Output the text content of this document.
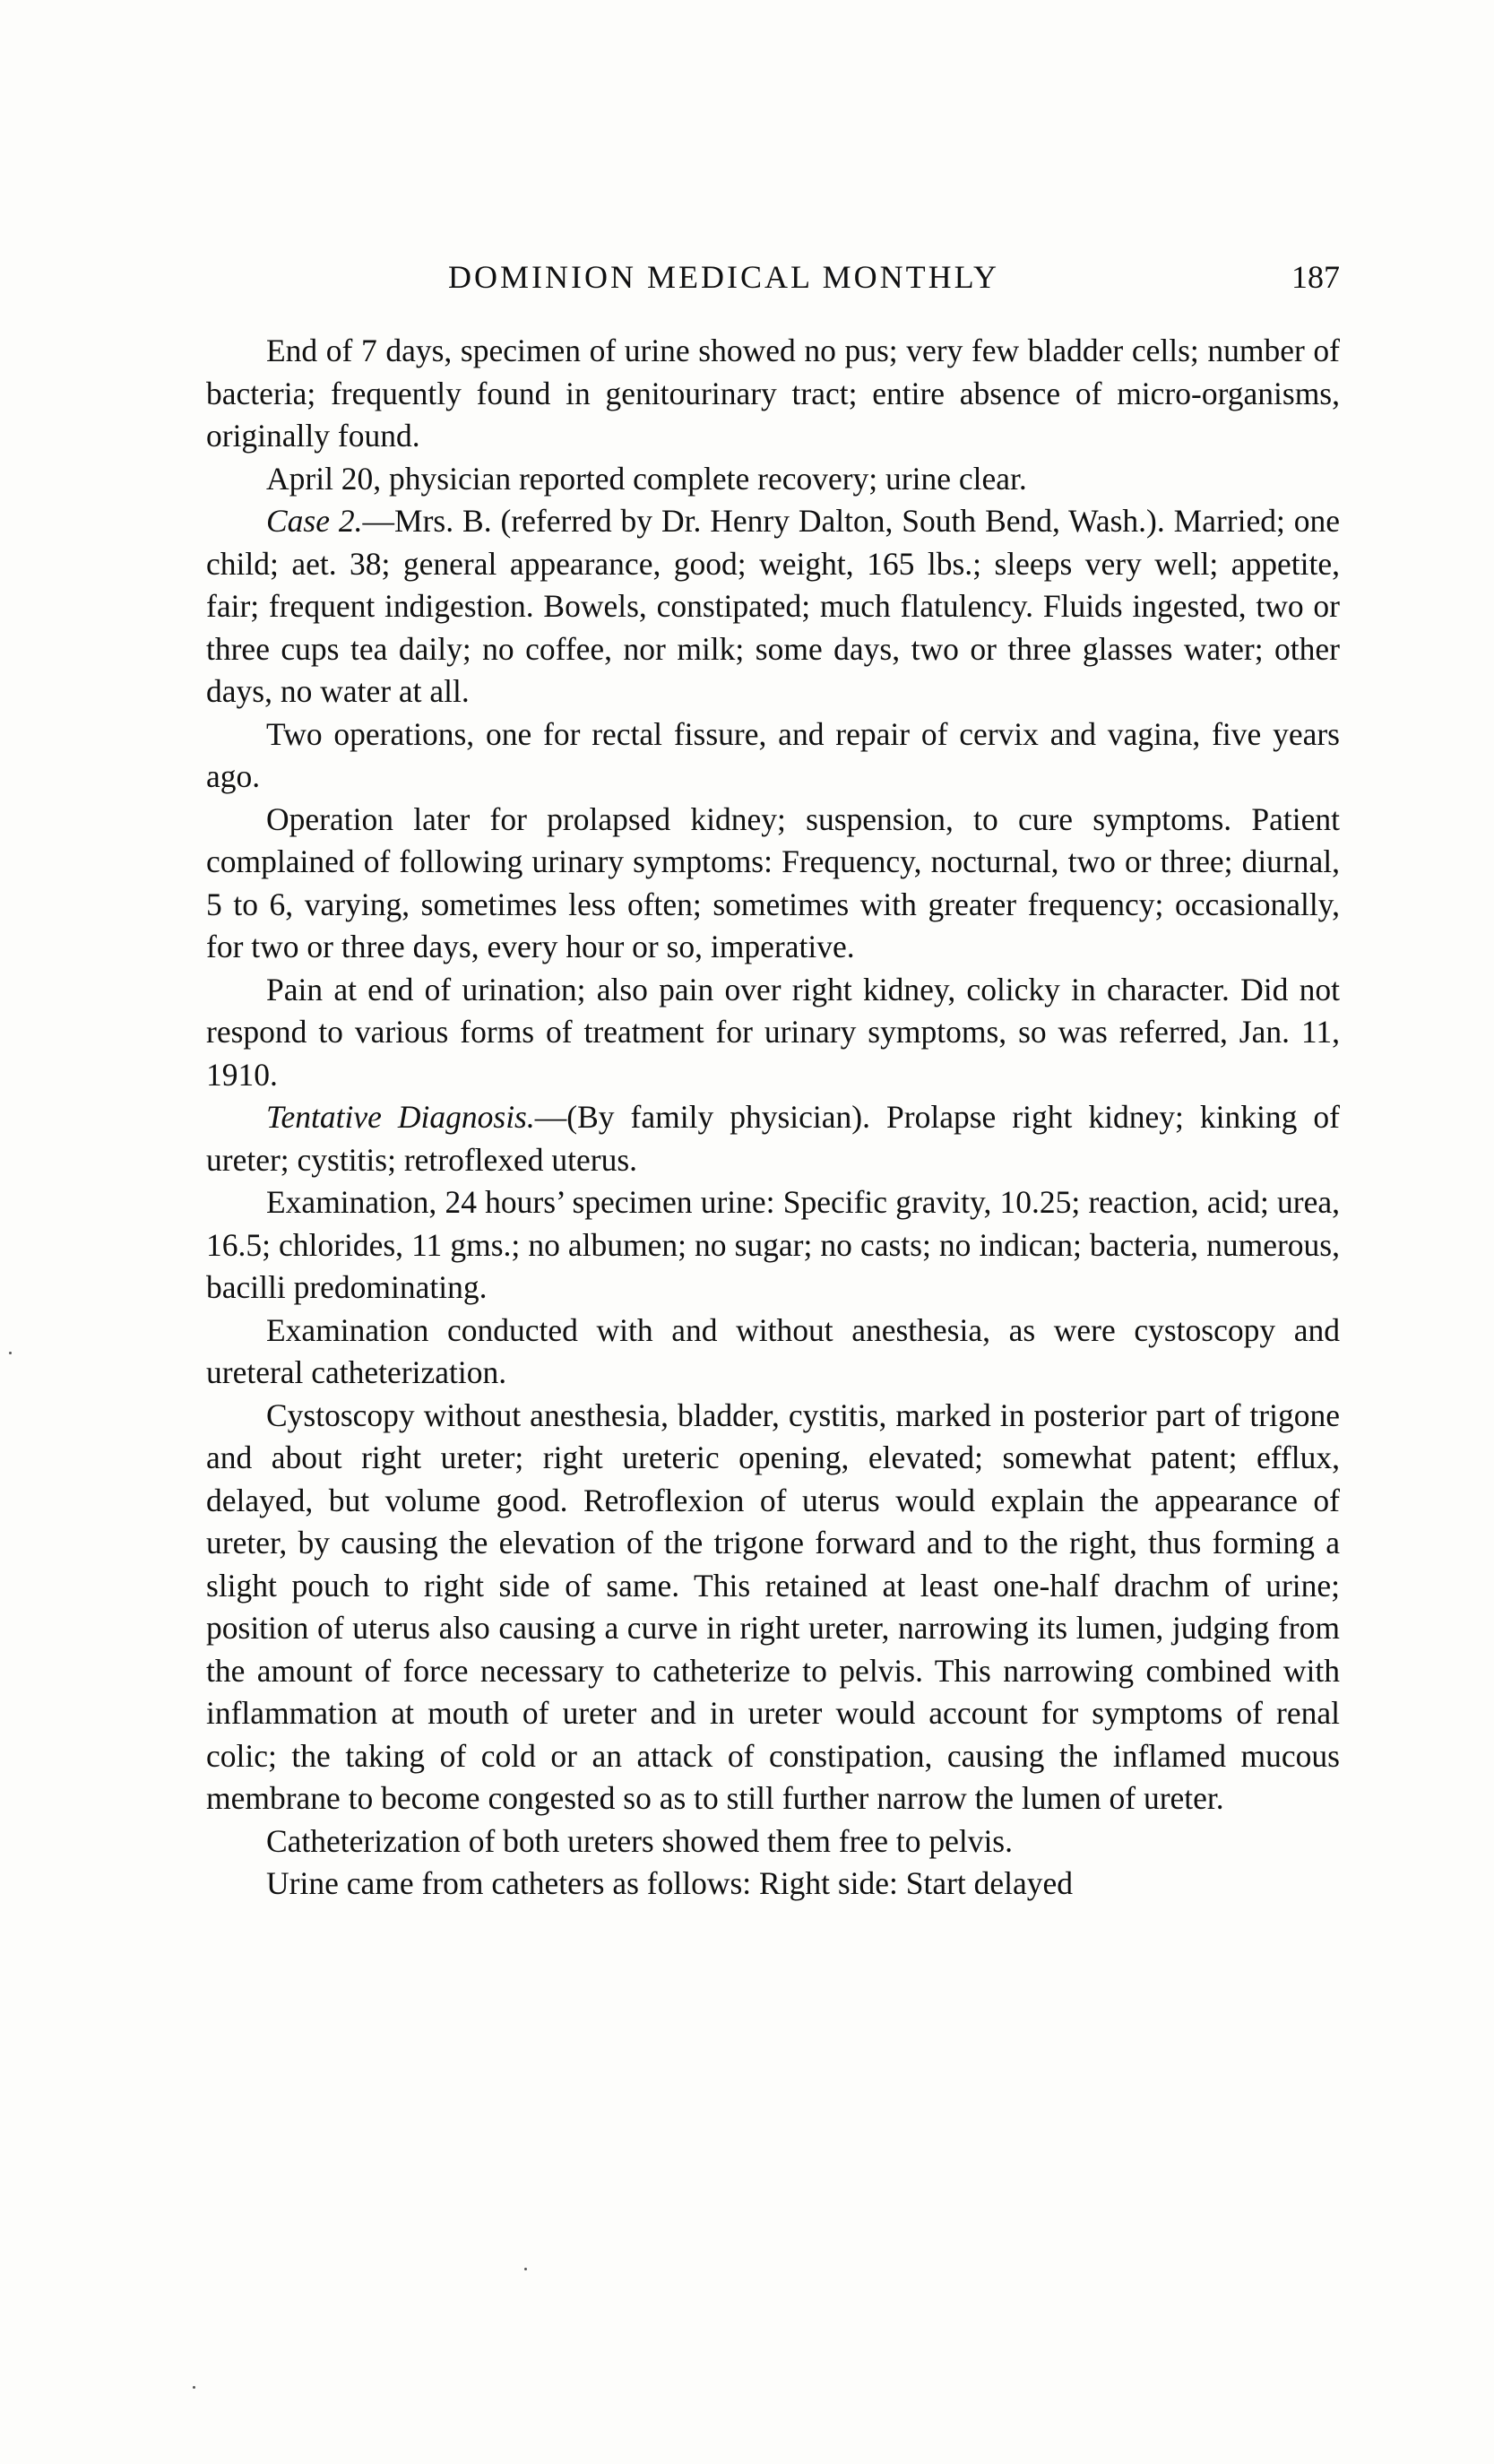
DOMINION MEDICAL MONTHLY	187

End of 7 days, specimen of urine showed no pus; very few bladder cells; number of bacteria; frequently found in genitourinary tract; entire absence of micro-organisms, originally found.

April 20, physician reported complete recovery; urine clear.

Case 2.—Mrs. B. (referred by Dr. Henry Dalton, South Bend, Wash.). Married; one child; aet. 38; general appearance, good; weight, 165 lbs.; sleeps very well; appetite, fair; frequent indigestion. Bowels, constipated; much flatulency. Fluids ingested, two or three cups tea daily; no coffee, nor milk; some days, two or three glasses water; other days, no water at all.

Two operations, one for rectal fissure, and repair of cervix and vagina, five years ago.

Operation later for prolapsed kidney; suspension, to cure symptoms. Patient complained of following urinary symptoms: Frequency, nocturnal, two or three; diurnal, 5 to 6, varying, sometimes less often; sometimes with greater frequency; occasionally, for two or three days, every hour or so, imperative.

Pain at end of urination; also pain over right kidney, colicky in character. Did not respond to various forms of treatment for urinary symptoms, so was referred, Jan. 11, 1910.

Tentative Diagnosis.—(By family physician). Prolapse right kidney; kinking of ureter; cystitis; retroflexed uterus.

Examination, 24 hours’ specimen urine: Specific gravity, 10.25; reaction, acid; urea, 16.5; chlorides, 11 gms.; no albumen; no sugar; no casts; no indican; bacteria, numerous, bacilli predominating.

Examination conducted with and without anesthesia, as were cystoscopy and ureteral catheterization.

Cystoscopy without anesthesia, bladder, cystitis, marked in posterior part of trigone and about right ureter; right ureteric opening, elevated; somewhat patent; efflux, delayed, but volume good. Retroflexion of uterus would explain the appearance of ureter, by causing the elevation of the trigone forward and to the right, thus forming a slight pouch to right side of same. This retained at least one-half drachm of urine; position of uterus also causing a curve in right ureter, narrowing its lumen, judging from the amount of force necessary to catheterize to pelvis. This narrowing combined with inflammation at mouth of ureter and in ureter would account for symptoms of renal colic; the taking of cold or an attack of constipation, causing the inflamed mucous membrane to become congested so as to still further narrow the lumen of ureter.

Catheterization of both ureters showed them free to pelvis.

Urine came from catheters as follows: Right side: Start delayed
